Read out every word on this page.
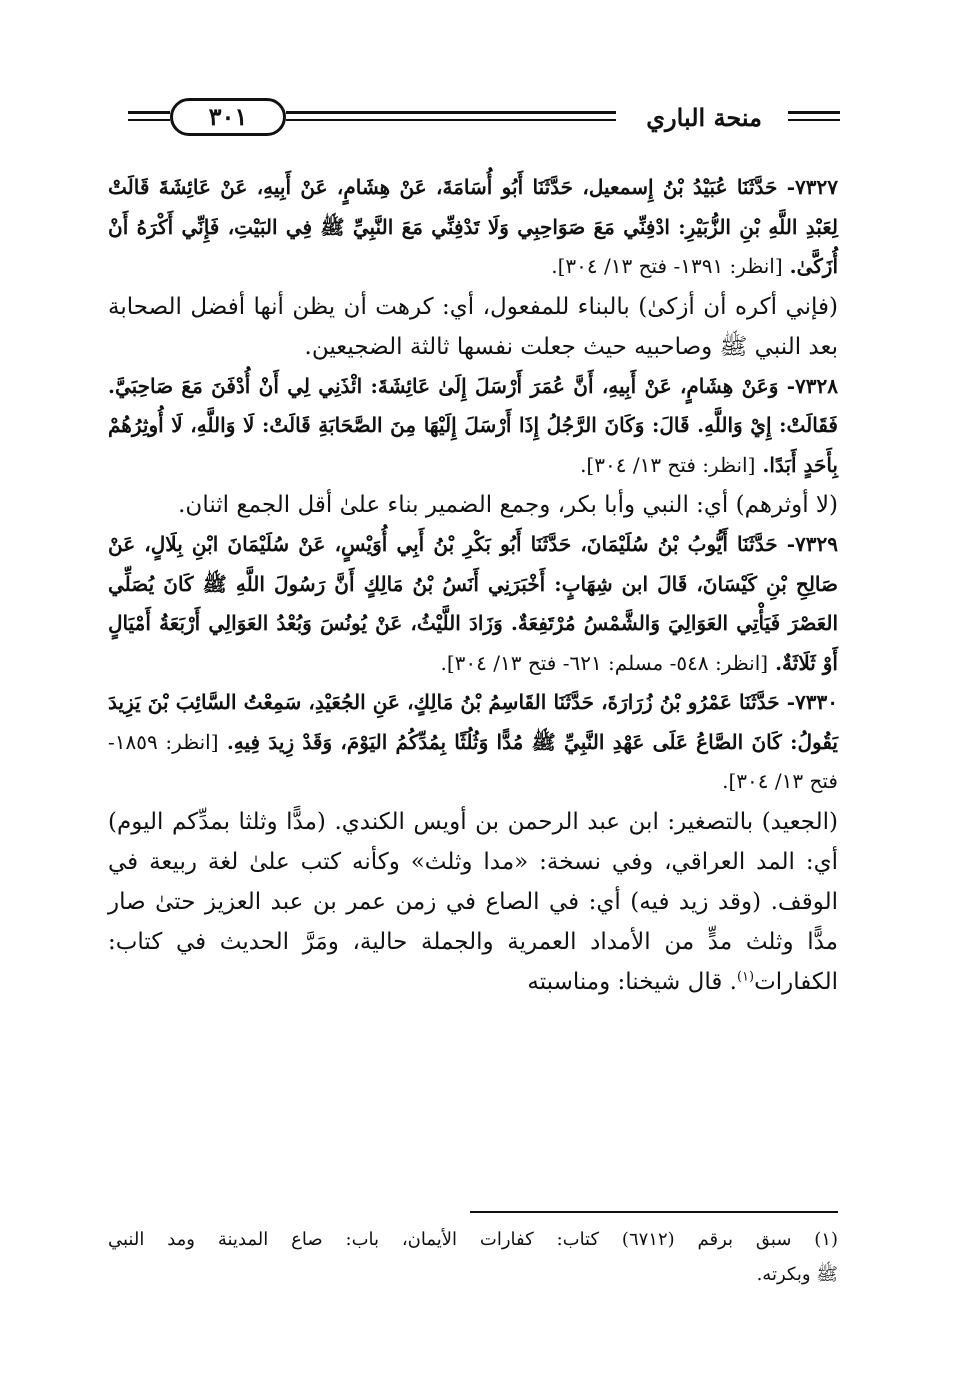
٣٠١	منحة الباري

٧٣٢٧- حَدَّثَنَا عُبَيْدُ بْنُ إِسمعيل، حَدَّثَنَا أَبُو أُسَامَةَ، عَنْ هِشَامٍ، عَنْ أَبِيهِ، عَنْ عَائِشَةَ قَالَتْ لِعَبْدِ اللَّهِ بْنِ الزُّبَيْرِ: ادْفِنِّي مَعَ صَوَاحِبِي وَلَا تَدْفِنِّي مَعَ النَّبِيِّ ﷺ فِي البَيْتِ، فَإِنِّي أَكْرَهُ أَنْ أُزَكَّىٰ. [انظر: ١٣٩١- فتح ١٣/ ٣٠٤].

(فإني أكره أن أزكىٰ) بالبناء للمفعول، أي: كرهت أن يظن أنها أفضل الصحابة بعد النبي ﷺ وصاحبيه حيث جعلت نفسها ثالثة الضجيعين.

٧٣٢٨- وَعَنْ هِشَامٍ، عَنْ أَبِيهِ، أَنَّ عُمَرَ أَرْسَلَ إِلَىٰ عَائِشَةَ: ائْذَنِي لِي أَنْ أُدْفَنَ مَعَ صَاحِبَيَّ. فَقَالَتْ: إِيْ وَاللَّهِ. قَالَ: وَكَانَ الرَّجُلُ إِذَا أَرْسَلَ إِلَيْهَا مِنَ الصَّحَابَةِ قَالَتْ: لَا وَاللَّهِ، لَا أُوثِرُهُمْ بِأَحَدٍ أَبَدًا. [انظر: فتح ١٣/ ٣٠٤].

(لا أوثرهم) أي: النبي وأبا بكر، وجمع الضمير بناء علىٰ أقل الجمع اثنان.

٧٣٢٩- حَدَّثَنَا أَيُّوبُ بْنُ سُلَيْمَانَ، حَدَّثَنَا أَبُو بَكْرِ بْنُ أَبِي أُوَيْسٍ، عَنْ سُلَيْمَانَ ابْنِ بِلَالٍ، عَنْ صَالِحِ بْنِ كَيْسَانَ، قَالَ ابن شِهَابٍ: أَخْبَرَنِي أَنَسُ بْنُ مَالِكٍ أَنَّ رَسُولَ اللَّهِ ﷺ كَانَ يُصَلِّي العَصْرَ فَيَأْتِي العَوَالِيَ وَالشَّمْسُ مُرْتَفِعَةٌ. وَزَادَ اللَّيْثُ، عَنْ يُونُسَ وَبُعْدُ العَوَالِي أَرْبَعَةُ أَمْيَالٍ أَوْ ثَلَاثَةٌ. [انظر: ٥٤٨- مسلم: ٦٢١- فتح ١٣/ ٣٠٤].

٧٣٣٠- حَدَّثَنَا عَمْرُو بْنُ زُرَارَةَ، حَدَّثَنَا القَاسِمُ بْنُ مَالِكٍ، عَنِ الجُعَيْدِ، سَمِعْتُ السَّائِبَ بْنَ يَزِيدَ يَقُولُ: كَانَ الصَّاعُ عَلَى عَهْدِ النَّبِيِّ ﷺ مُدًّا وَثُلُثًا بِمُدِّكُمُ اليَوْمَ، وَقَدْ زِيدَ فِيهِ. [انظر: ١٨٥٩- فتح ١٣/ ٣٠٤].

(الجعيد) بالتصغير: ابن عبد الرحمن بن أويس الكندي. (مدًّا وثلثا بمدِّكم اليوم) أي: المد العراقي، وفي نسخة: «مدا وثلث» وكأنه كتب علىٰ لغة ربيعة في الوقف. (وقد زيد فيه) أي: في الصاع في زمن عمر بن عبد العزيز حتىٰ صار مدًّا وثلث مدٍّ من الأمداد العمرية والجملة حالية، ومَرَّ الحديث في كتاب: الكفارات$^{(١)}$. قال شيخنا: ومناسبته

(١) سبق برقم (٦٧١٢) كتاب: كفارات الأيمان، باب: صاع المدينة ومد النبي
ﷺ وبكرته.
